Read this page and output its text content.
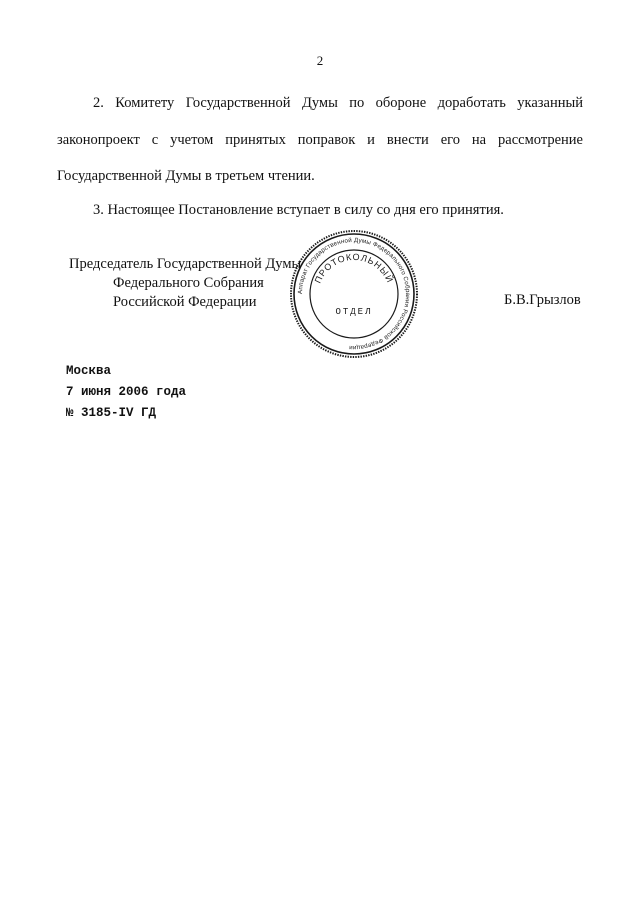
2
2. Комитету Государственной Думы по обороне доработать указанный
законопроект с учетом принятых поправок и внести его на рассмотрение
Государственной Думы в третьем чтении.
3. Настоящее Постановление вступает в силу со дня его принятия.
Председатель Государственной Думы
Федерального Собрания
Российской Федерации	Б.В.Грызлов
Аппарат Государственной Думы Федерального Собрания Российской Федерации
ПРОТОКОЛЬНЫЙ
ОТДЕЛ
Москва
7 июня 2006 года
№ 3185-IV ГД
